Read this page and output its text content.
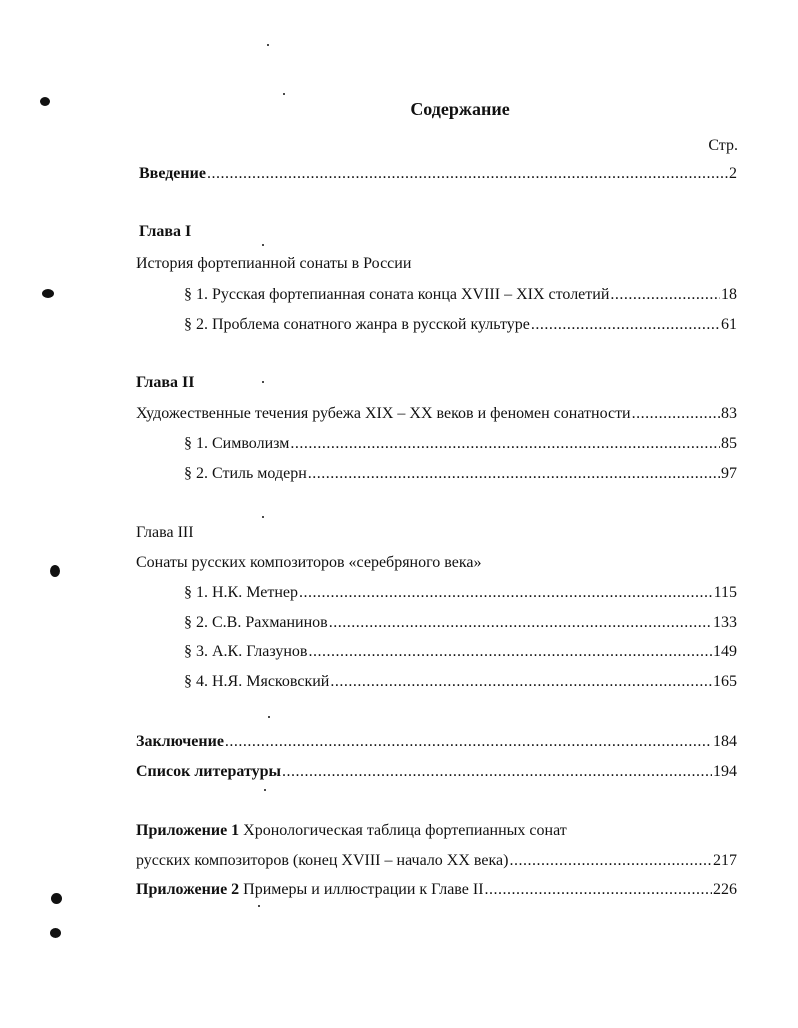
Содержание
Стр.
Введение .....	2
Глава I
История фортепианной сонаты в России
§ 1. Русская фортепианная соната конца XVIII – XIX столетий .....	18
§ 2. Проблема сонатного жанра в русской культуре .....	61
Глава II
Художественные течения рубежа XIX – XX веков и феномен сонатности .....	83
§ 1. Символизм .....	85
§ 2. Стиль модерн .....	97
Глава III
Сонаты русских композиторов «серебряного века»
§ 1. Н.К. Метнер .....	115
§ 2. С.В. Рахманинов .....	133
§ 3. А.К. Глазунов .....	149
§ 4. Н.Я. Мясковский .....	165
Заключение .....	184
Список литературы .....	194
Приложение 1 Хронологическая таблица фортепианных сонат
русских композиторов (конец XVIII – начало XX века) .....	217
Приложение 2 Примеры и иллюстрации к Главе II .....	226
